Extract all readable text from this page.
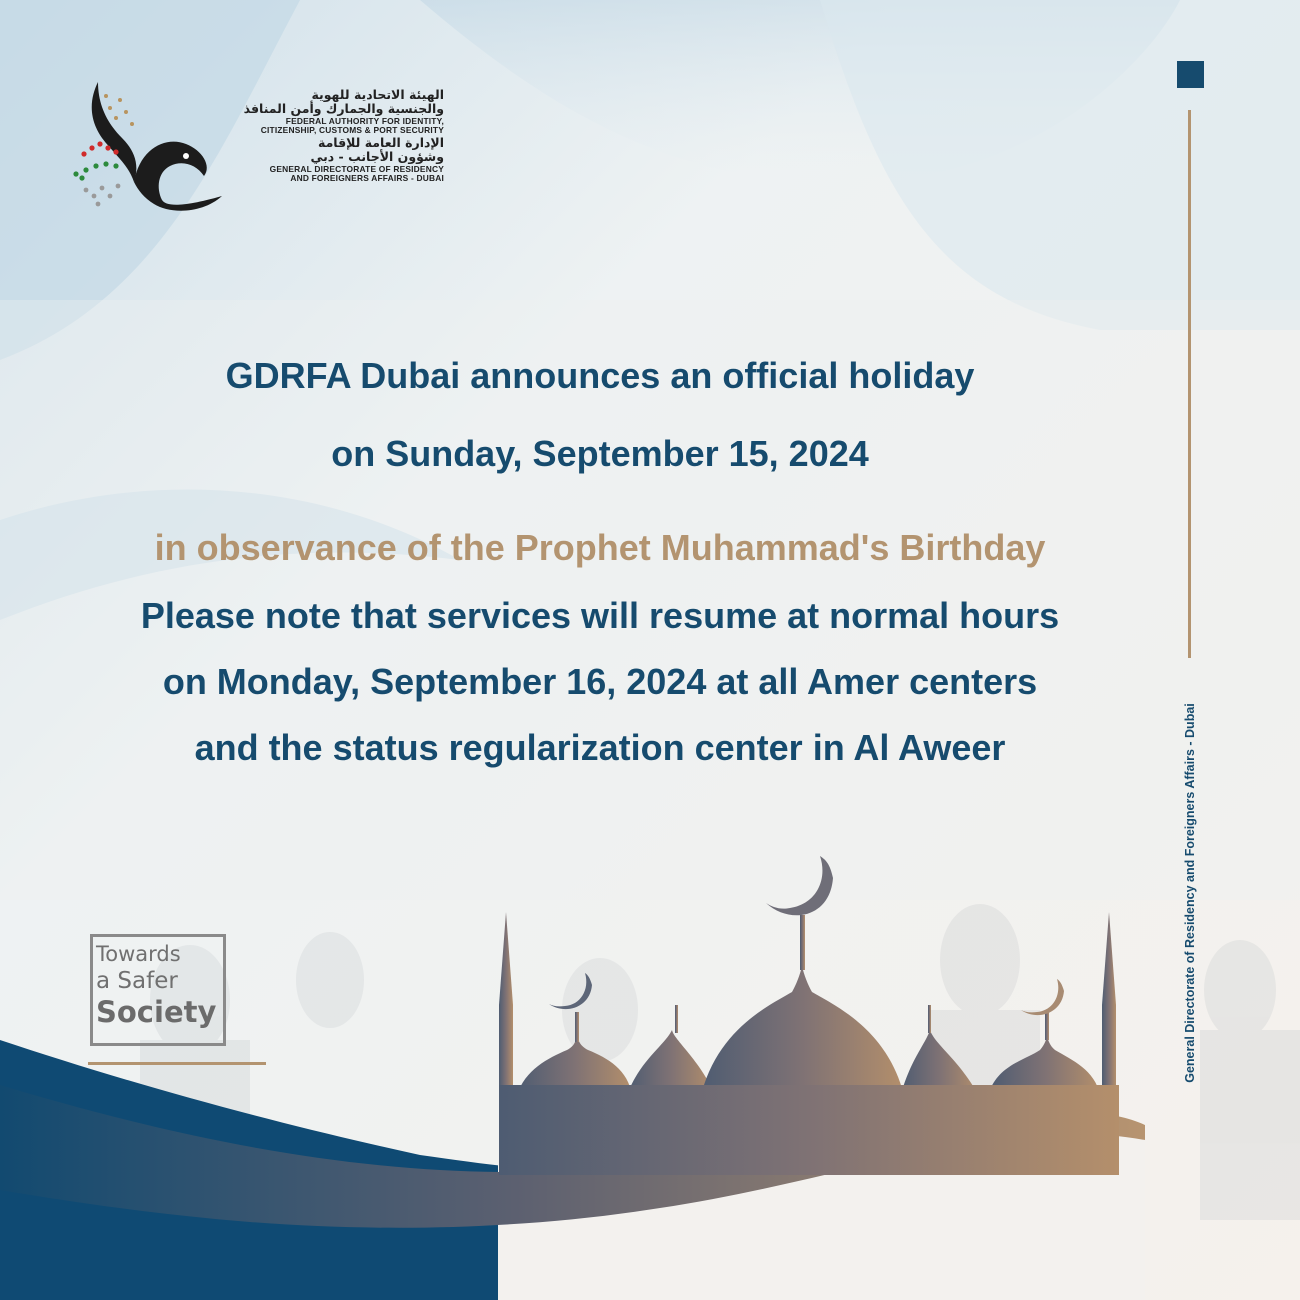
الهيئة الاتحادية للهوية
والجنسية والجمارك وأمن المنافذ
FEDERAL AUTHORITY FOR IDENTITY,
CITIZENSHIP, CUSTOMS & PORT SECURITY
الإدارة العامة للإقامة
وشؤون الأجانب - دبي
GENERAL DIRECTORATE OF RESIDENCY
AND FOREIGNERS AFFAIRS - DUBAI
General Directorate of Residency and Foreigners Affairs - Dubai
GDRFA Dubai announces an official holiday
on Sunday, September 15, 2024
in observance of the Prophet Muhammad's Birthday
Please note that services will resume at normal hours
on Monday, September 16, 2024 at all Amer centers
and the status regularization center in Al Aweer
Towards
a Safer
Society
